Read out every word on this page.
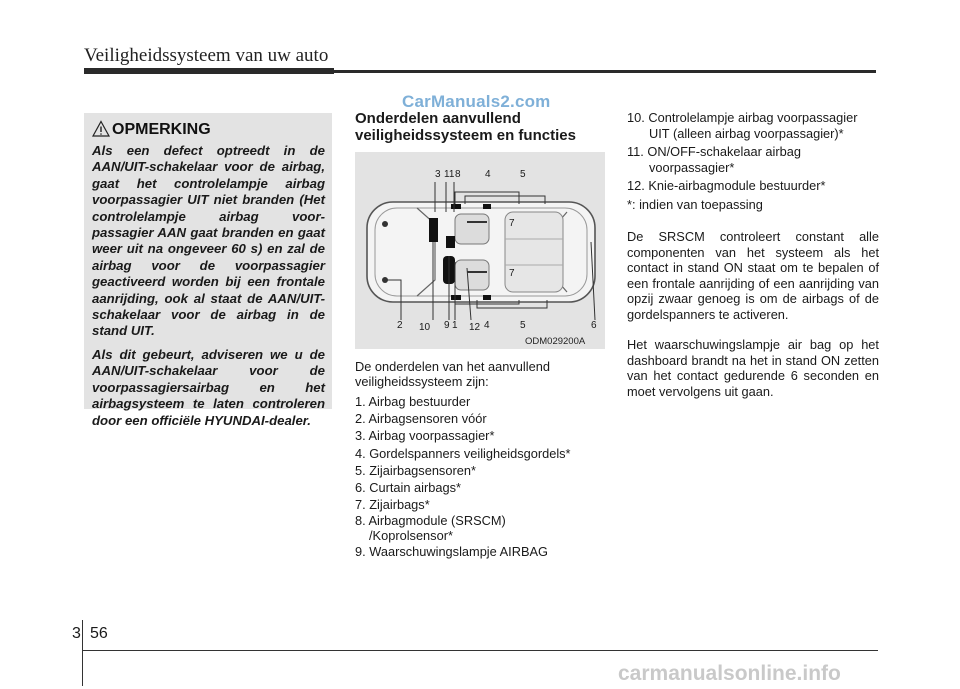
Veiligheidssysteem van uw auto
CarManuals2.com
OPMERKING

Als een defect optreedt in de AAN/UIT-schakelaar voor de airbag, gaat het controlelampje airbag voorpassagier UIT niet branden (Het controlelampje airbag voor-passagier AAN gaat branden en gaat weer uit na ongeveer 60 s) en zal de airbag voor de voorpassagier geactiveerd worden bij een frontale aanrijding, ook al staat de AAN/UIT-schakelaar voor de airbag in de stand UIT.

Als dit gebeurt, adviseren we u de AAN/UIT-schakelaar voor de voorpassagiersairbag en het airbagsysteem te laten controleren door een officiële HYUNDAI-dealer.

Onderdelen aanvullend veiligheidssysteem en functies
3 11 8 4	5
2 10 9 1 12 4	5	6
7
7
ODM029200A
De onderdelen van het aanvullend veiligheidssysteem zijn:
1. Airbag bestuurder
2. Airbagsensoren vóór
3. Airbag voorpassagier*
4. Gordelspanners veiligheidsgordels*
5. Zijairbagsensoren*
6. Curtain airbags*
7. Zijairbags*
8. Airbagmodule (SRSCM)
/Koprolsensor*
9. Waarschuwingslampje AIRBAG
10. Controlelampje airbag voorpassagier
UIT (alleen airbag voorpassagier)*
11. ON/OFF-schakelaar airbag
voorpassagier*
12. Knie-airbagmodule bestuurder*
*: indien van toepassing
De SRSCM controleert constant alle componenten van het systeem als het contact in stand ON staat om te bepalen of een frontale aanrijding of een aanrijding van opzij zwaar genoeg is om de airbags of de gordelspanners te activeren.
Het waarschuwingslampje air bag op het dashboard brandt na het in stand ON zetten van het contact gedurende 6 seconden en moet vervolgens uit gaan.
3 56
carmanualsonline.info
